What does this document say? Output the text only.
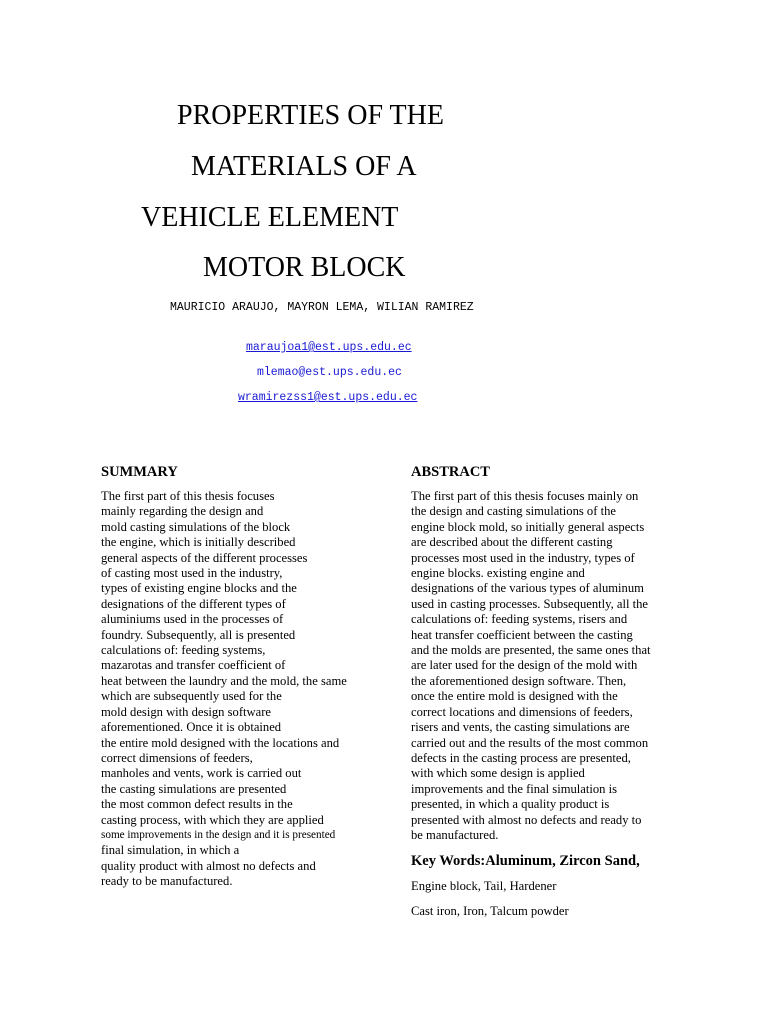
PROPERTIES OF THE
MATERIALS OF A
VEHICLE ELEMENT
MOTOR BLOCK

MAURICIO ARAUJO, MAYRON LEMA, WILIAN RAMIREZ

maraujoa1@est.ups.edu.ec
mlemao@est.ups.edu.ec
wramirezss1@est.ups.edu.ec
SUMMARY
The first part of this thesis focuses
mainly regarding the design and
mold casting simulations of the block
the engine, which is initially described
general aspects of the different processes
of casting most used in the industry,
types of existing engine blocks and the
designations of the different types of
aluminiums used in the processes of
foundry. Subsequently, all is presented
calculations of: feeding systems,
mazarotas and transfer coefficient of
heat between the laundry and the mold, the same
which are subsequently used for the
mold design with design software
aforementioned. Once it is obtained
the entire mold designed with the locations and
correct dimensions of feeders,
manholes and vents, work is carried out
the casting simulations are presented
the most common defect results in the
casting process, with which they are applied
some improvements in the design and it is presented
final simulation, in which a
quality product with almost no defects and
ready to be manufactured.
ABSTRACT
The first part of this thesis focuses mainly on
the design and casting simulations of the
engine block mold, so initially general aspects
are described about the different casting
processes most used in the industry, types of
engine blocks. existing engine and
designations of the various types of aluminum
used in casting processes. Subsequently, all the
calculations of: feeding systems, risers and
heat transfer coefficient between the casting
and the molds are presented, the same ones that
are later used for the design of the mold with
the aforementioned design software. Then,
once the entire mold is designed with the
correct locations and dimensions of feeders,
risers and vents, the casting simulations are
carried out and the results of the most common
defects in the casting process are presented,
with which some design is applied
improvements and the final simulation is
presented, in which a quality product is
presented with almost no defects and ready to
be manufactured.
Key Words:Aluminum, Zircon Sand,

Engine block, Tail, Hardener

Cast iron, Iron, Talcum powder
